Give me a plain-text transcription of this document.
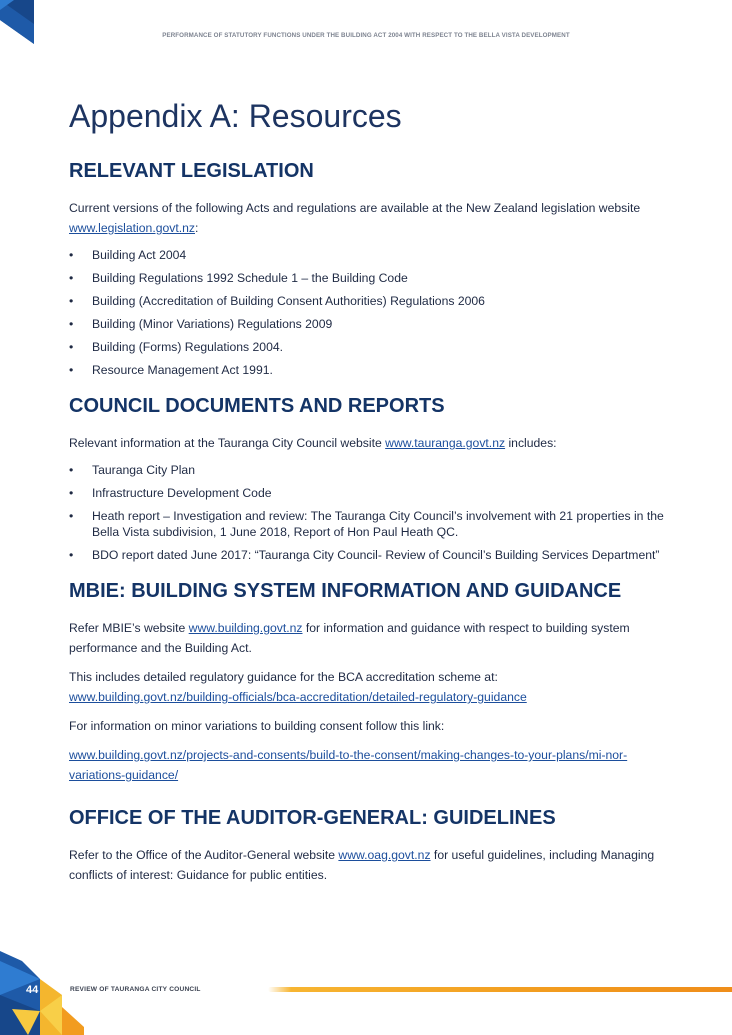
PERFORMANCE OF STATUTORY FUNCTIONS UNDER THE BUILDING ACT 2004 WITH RESPECT TO THE BELLA VISTA DEVELOPMENT
Appendix A: Resources
RELEVANT LEGISLATION

Current versions of the following Acts and regulations are available at the New Zealand legislation website www.legislation.govt.nz:

• Building Act 2004
• Building Regulations 1992 Schedule 1 – the Building Code
• Building (Accreditation of Building Consent Authorities) Regulations 2006
• Building (Minor Variations) Regulations 2009
• Building (Forms) Regulations 2004.
• Resource Management Act 1991.
COUNCIL DOCUMENTS AND REPORTS

Relevant information at the Tauranga City Council website www.tauranga.govt.nz includes:

• Tauranga City Plan
• Infrastructure Development Code
• Heath report – Investigation and review: The Tauranga City Council’s involvement with 21 properties in the Bella Vista subdivision, 1 June 2018, Report of Hon Paul Heath QC.
• BDO report dated June 2017: “Tauranga City Council- Review of Council’s Building Services Department”
MBIE: BUILDING SYSTEM INFORMATION AND GUIDANCE

Refer MBIE’s website www.building.govt.nz for information and guidance with respect to building system performance and the Building Act.

This includes detailed regulatory guidance for the BCA accreditation scheme at:
www.building.govt.nz/building-officials/bca-accreditation/detailed-regulatory-guidance

For information on minor variations to building consent follow this link:

www.building.govt.nz/projects-and-consents/build-to-the-consent/making-changes-to-your-plans/mi-nor-variations-guidance/

OFFICE OF THE AUDITOR-GENERAL: GUIDELINES

Refer to the Office of the Auditor-General website www.oag.govt.nz for useful guidelines, including Managing conflicts of interest: Guidance for public entities.

44	REVIEW OF TAURANGA CITY COUNCIL
